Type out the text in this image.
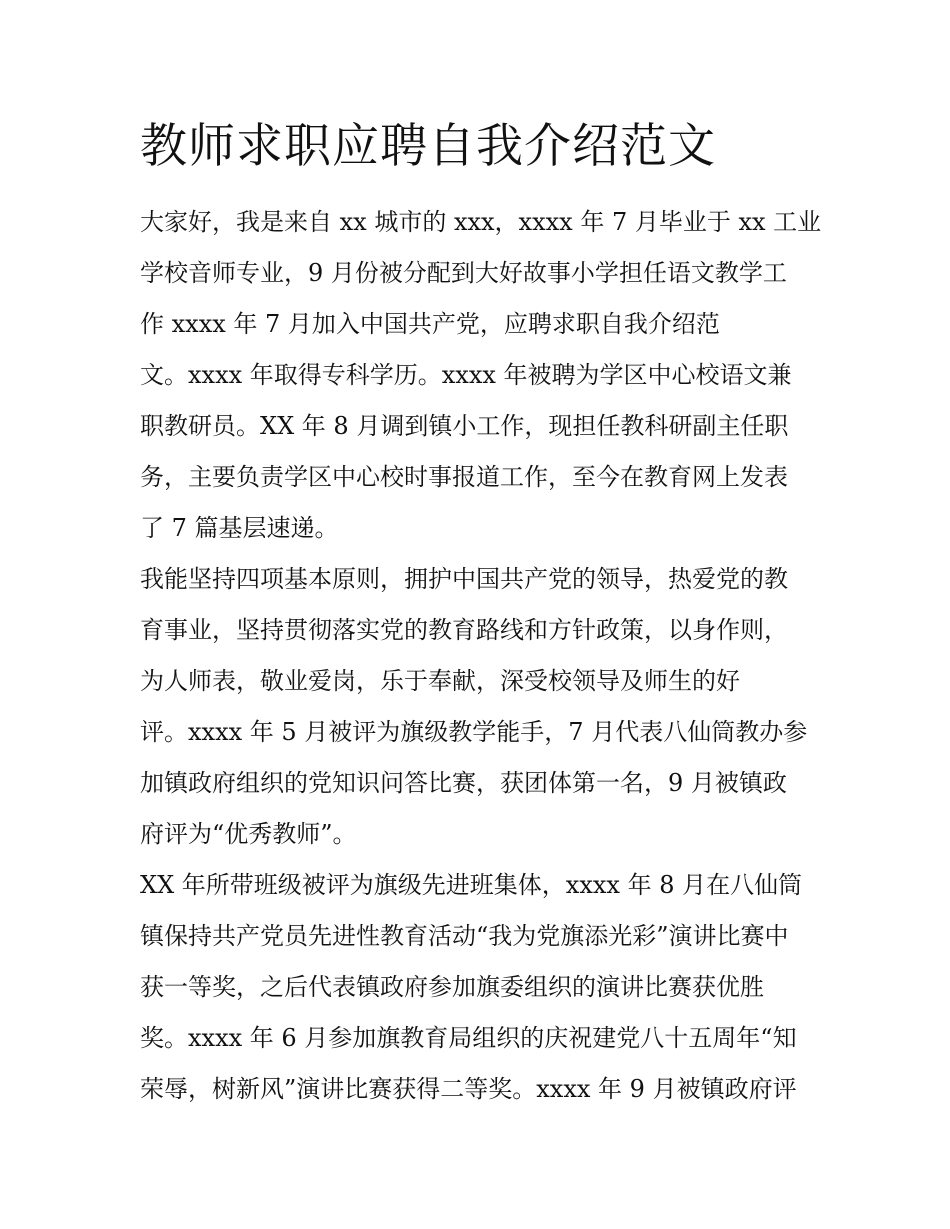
教师求职应聘自我介绍范文
大家好，我是来自 xx 城市的 xxx，xxxx 年 7 月毕业于 xx 工业
学校音师专业，9 月份被分配到大好故事小学担任语文教学工
作 xxxx 年 7 月加入中国共产党，应聘求职自我介绍范
文。xxxx 年取得专科学历。xxxx 年被聘为学区中心校语文兼
职教研员。XX 年 8 月调到镇小工作，现担任教科研副主任职
务，主要负责学区中心校时事报道工作，至今在教育网上发表
了 7 篇基层速递。
我能坚持四项基本原则，拥护中国共产党的领导，热爱党的教
育事业，坚持贯彻落实党的教育路线和方针政策，以身作则，
为人师表，敬业爱岗，乐于奉献，深受校领导及师生的好
评。xxxx 年 5 月被评为旗级教学能手，7 月代表八仙筒教办参
加镇政府组织的党知识问答比赛，获团体第一名，9 月被镇政
府评为“优秀教师”。
XX 年所带班级被评为旗级先进班集体，xxxx 年 8 月在八仙筒
镇保持共产党员先进性教育活动“我为党旗添光彩”演讲比赛中
获一等奖，之后代表镇政府参加旗委组织的演讲比赛获优胜
奖。xxxx 年 6 月参加旗教育局组织的庆祝建党八十五周年“知
荣辱，树新风”演讲比赛获得二等奖。xxxx 年 9 月被镇政府评
